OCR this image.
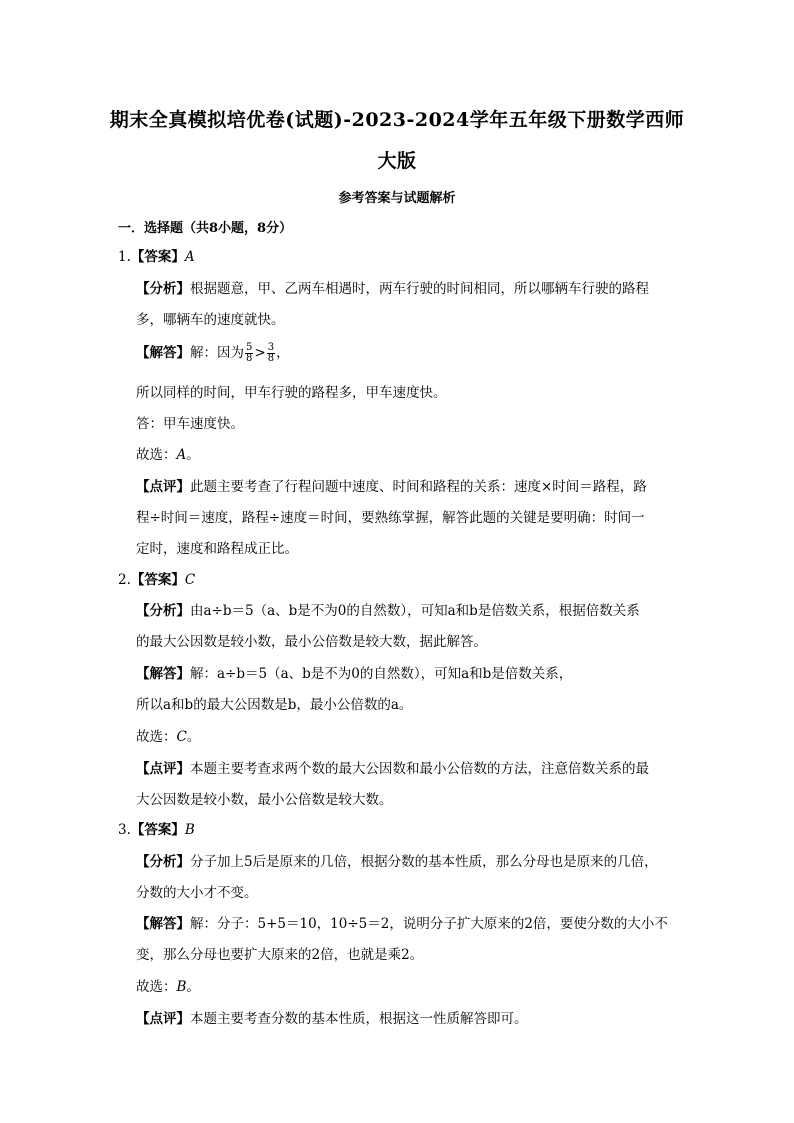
期末全真模拟培优卷(试题)-2023-2024学年五年级下册数学西师
大版
参考答案与试题解析
一．选择题（共8小题，8分）
1.【答案】A
【分析】根据题意，甲、乙两车相遇时，两车行驶的时间相同，所以哪辆车行驶的路程
多，哪辆车的速度就快。
【解答】解：因为 $\frac{5}{8} > \frac{3}{8}$ ，
所以同样的时间，甲车行驶的路程多，甲车速度快。
答：甲车速度快。
故选：A。
【点评】此题主要考查了行程问题中速度、时间和路程的关系：速度×时间＝路程，路
程÷时间＝速度，路程÷速度＝时间，要熟练掌握，解答此题的关键是要明确：时间一
定时，速度和路程成正比。
2.【答案】C
【分析】由a÷b＝5（a、b是不为0的自然数），可知a和b是倍数关系，根据倍数关系
的最大公因数是较小数，最小公倍数是较大数，据此解答。
【解答】解：a÷b＝5（a、b是不为0的自然数），可知a和b是倍数关系，
所以a和b的最大公因数是b，最小公倍数的a。
故选：C。
【点评】本题主要考查求两个数的最大公因数和最小公倍数的方法，注意倍数关系的最
大公因数是较小数，最小公倍数是较大数。
3.【答案】B
【分析】分子加上5后是原来的几倍，根据分数的基本性质，那么分母也是原来的几倍，
分数的大小才不变。
【解答】解：分子：5+5＝10，10÷5＝2，说明分子扩大原来的2倍，要使分数的大小不
变，那么分母也要扩大原来的2倍，也就是乘2。
故选：B。
【点评】本题主要考查分数的基本性质，根据这一性质解答即可。
